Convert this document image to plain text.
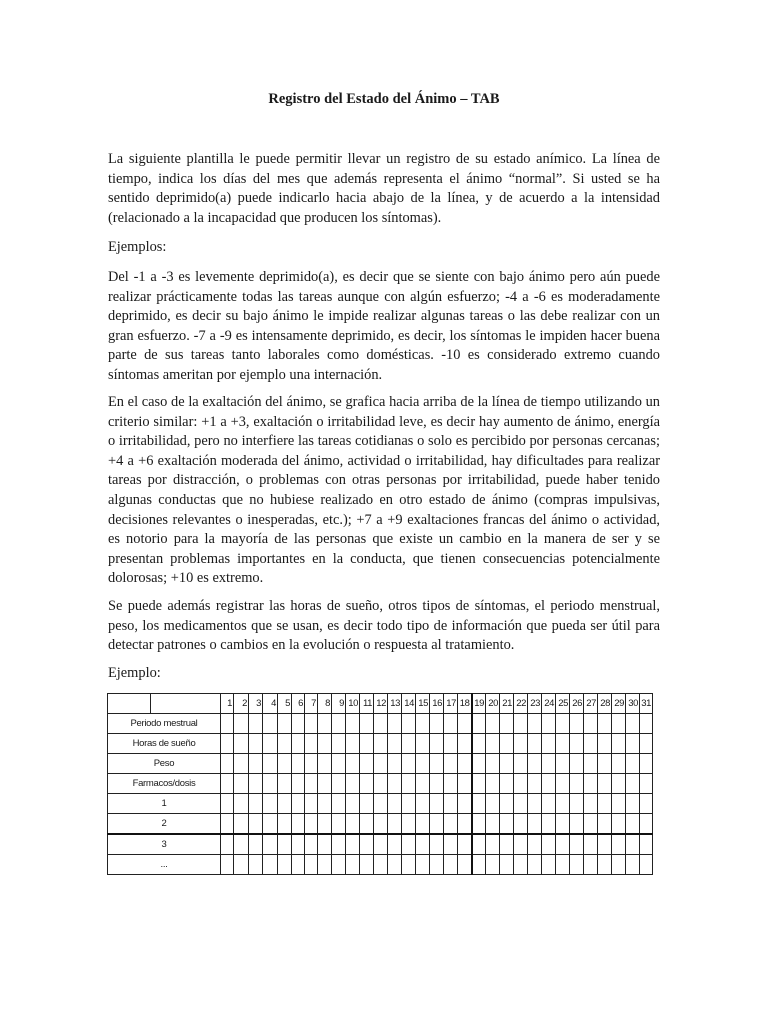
Registro del Estado del Ánimo – TAB

La siguiente plantilla le puede permitir llevar un registro de su estado anímico. La línea de tiempo, indica los días del mes que además representa el ánimo “normal”. Si usted se ha sentido deprimido(a) puede indicarlo hacia abajo de la línea, y de acuerdo a la intensidad (relacionado a la incapacidad que producen los síntomas).

Ejemplos:

Del -1 a -3 es levemente deprimido(a), es decir que se siente con bajo ánimo pero aún puede realizar prácticamente todas las tareas aunque con algún esfuerzo; -4 a -6 es moderadamente deprimido, es decir su bajo ánimo le impide realizar algunas tareas o las debe realizar con un gran esfuerzo. -7 a -9 es intensamente deprimido, es decir, los síntomas le impiden hacer buena parte de sus tareas tanto laborales como domésticas. -10 es considerado extremo cuando síntomas ameritan por ejemplo una internación.

En el caso de la exaltación del ánimo, se grafica hacia arriba de la línea de tiempo utilizando un criterio similar: +1 a +3, exaltación o irritabilidad leve, es decir hay aumento de ánimo, energía o irritabilidad, pero no interfiere las tareas cotidianas o solo es percibido por personas cercanas; +4 a +6 exaltación moderada del ánimo, actividad o irritabilidad, hay dificultades para realizar tareas por distracción, o problemas con otras personas por irritabilidad, puede haber tenido algunas conductas que no hubiese realizado en otro estado de ánimo (compras impulsivas, decisiones relevantes o inesperadas, etc.); +7 a +9 exaltaciones francas del ánimo o actividad, es notorio para la mayoría de las personas que existe un cambio en la manera de ser y se presentan problemas importantes en la conducta, que tienen consecuencias potencialmente dolorosas; +10 es extremo.

Se puede además registrar las horas de sueño, otros tipos de síntomas, el periodo menstrual, peso, los medicamentos que se usan, es decir todo tipo de información que pueda ser útil para detectar patrones o cambios en la evolución o respuesta al tratamiento.

Ejemplo:

		1	2	3	4	5	6	7	8	9	10	11	12	13	14	15	16	17	18	19	20	21	22	23	24	25	26	27	28	29	30	31
Periodo mestrual																																
Horas de sueño																																
Peso																																
Farmacos/dosis																																
1																																
2																																
3																																
...																																
